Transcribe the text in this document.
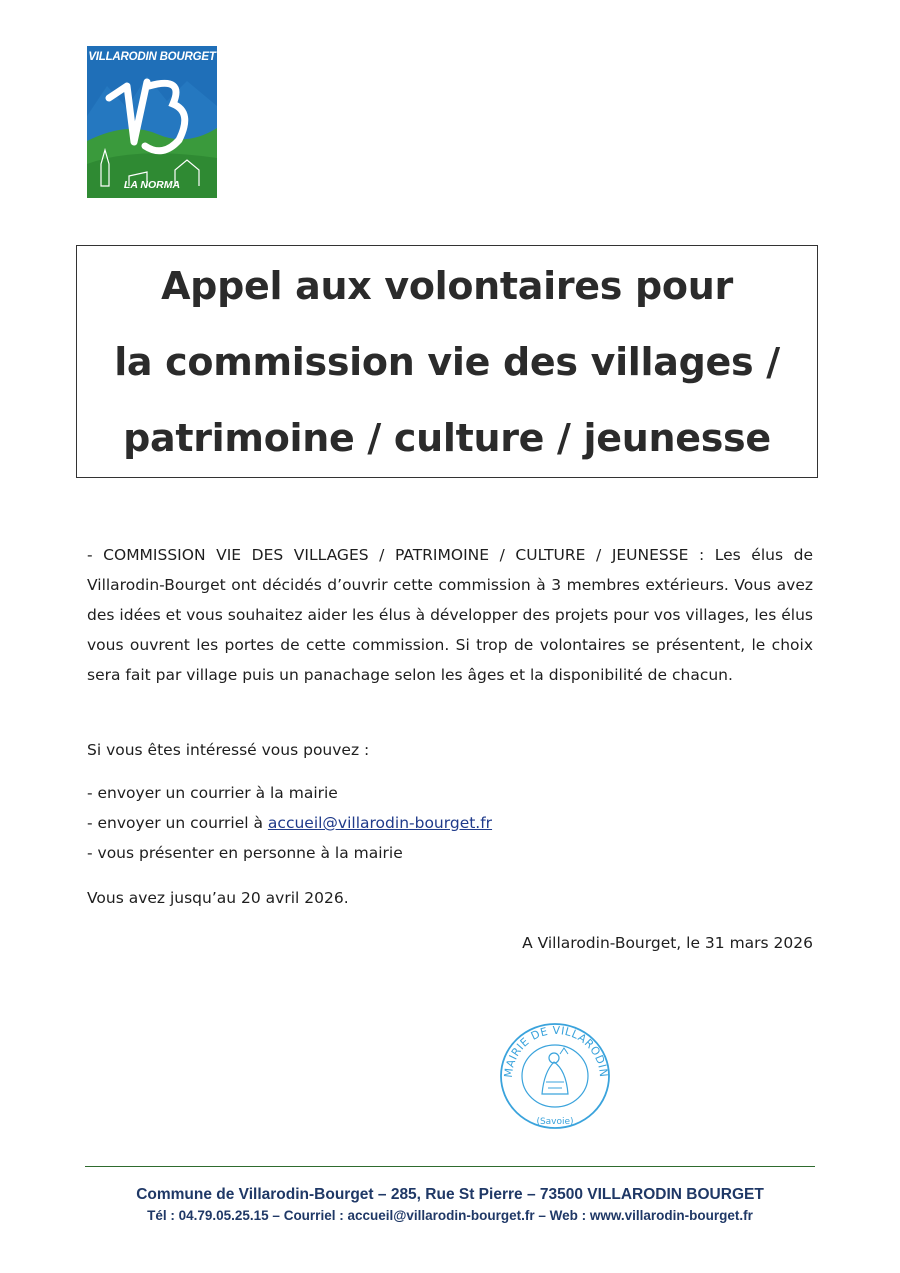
VILLARODIN BOURGET
LA NORMA
Appel aux volontaires pour
la commission vie des villages /
patrimoine / culture / jeunesse
- COMMISSION VIE DES VILLAGES / PATRIMOINE / CULTURE / JEUNESSE : Les élus de Villarodin-Bourget ont décidés d’ouvrir cette commission à 3 membres extérieurs. Vous avez des idées et vous souhaitez aider les élus à développer des projets pour vos villages, les élus vous ouvrent les portes de cette commission. Si trop de volontaires se présentent, le choix sera fait par village puis un panachage selon les âges et la disponibilité de chacun.
Si vous êtes intéressé vous pouvez :
- envoyer un courrier à la mairie
- envoyer un courriel à accueil@villarodin-bourget.fr
- vous présenter en personne à la mairie
Vous avez jusqu’au 20 avril 2026.
A Villarodin-Bourget, le 31 mars 2026
MAIRIE DE VILLARODIN
(Savoie)
Commune de Villarodin-Bourget – 285, Rue St Pierre – 73500 VILLARODIN BOURGET
Tél : 04.79.05.25.15 – Courriel : accueil@villarodin-bourget.fr – Web : www.villarodin-bourget.fr
